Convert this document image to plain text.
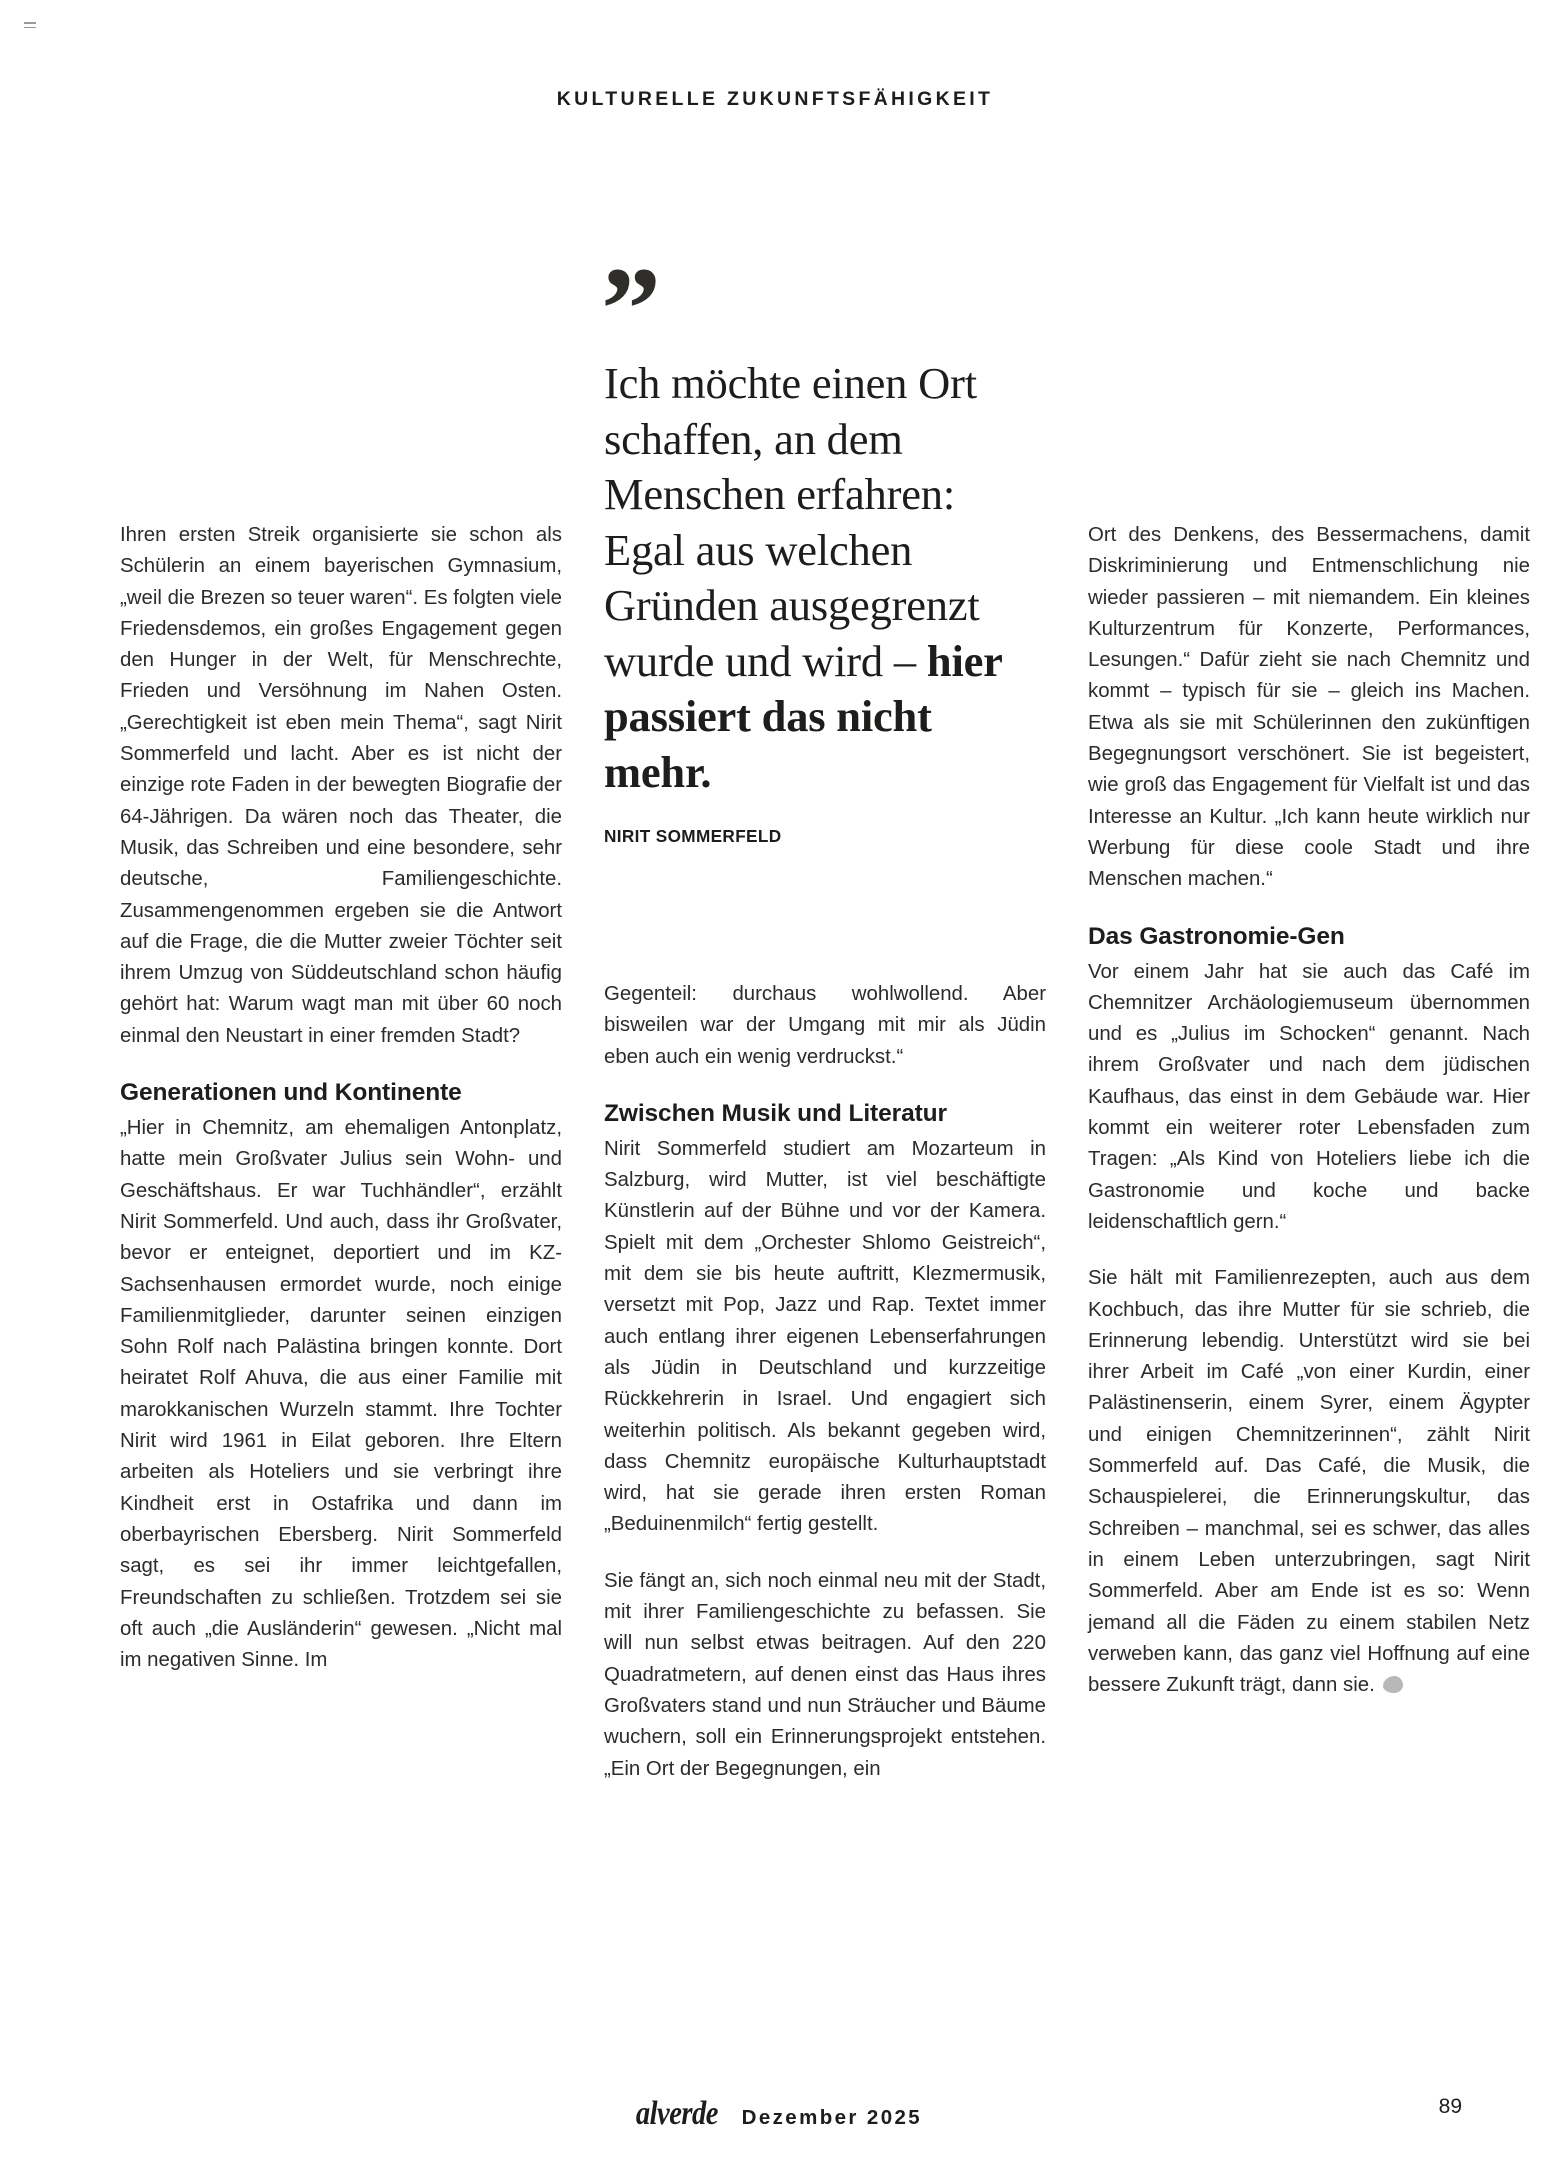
KULTURELLE ZUKUNFTSFÄHIGKEIT

Ihren ersten Streik organisierte sie schon als Schülerin an einem bayerischen Gymnasium, „weil die Brezen so teuer waren“. Es folgten viele Friedensdemos, ein großes Engagement gegen den Hunger in der Welt, für Menschrechte, Frieden und Versöhnung im Nahen Osten. „Gerechtigkeit ist eben mein Thema“, sagt Nirit Sommerfeld und lacht. Aber es ist nicht der einzige rote Faden in der bewegten Biografie der 64-Jährigen. Da wären noch das Theater, die Musik, das Schreiben und eine besondere, sehr deutsche, Familiengeschichte. Zusammengenommen ergeben sie die Antwort auf die Frage, die die Mutter zweier Töchter seit ihrem Umzug von Süddeutschland schon häufig gehört hat: Warum wagt man mit über 60 noch einmal den Neustart in einer fremden Stadt?

Generationen und Kontinente

„Hier in Chemnitz, am ehemaligen Antonplatz, hatte mein Großvater Julius sein Wohn- und Geschäftshaus. Er war Tuchhändler“, erzählt Nirit Sommerfeld. Und auch, dass ihr Großvater, bevor er enteignet, deportiert und im KZ-Sachsenhausen ermordet wurde, noch einige Familienmitglieder, darunter seinen einzigen Sohn Rolf nach Palästina bringen konnte. Dort heiratet Rolf Ahuva, die aus einer Familie mit marokkanischen Wurzeln stammt. Ihre Tochter Nirit wird 1961 in Eilat geboren. Ihre Eltern arbeiten als Hoteliers und sie verbringt ihre Kindheit erst in Ostafrika und dann im oberbayrischen Ebersberg. Nirit Sommerfeld sagt, es sei ihr immer leichtgefallen, Freundschaften zu schließen. Trotzdem sei sie oft auch „die Ausländerin“ gewesen. „Nicht mal im negativen Sinne. Im

”
Ich möchte einen Ort schaffen, an dem Menschen erfahren: Egal aus welchen Gründen ausgegrenzt wurde und wird – hier passiert das nicht mehr.
NIRIT SOMMERFELD

Gegenteil: durchaus wohlwollend. Aber bisweilen war der Umgang mit mir als Jüdin eben auch ein wenig verdruckst.“

Zwischen Musik und Literatur

Nirit Sommerfeld studiert am Mozarteum in Salzburg, wird Mutter, ist viel beschäftigte Künstlerin auf der Bühne und vor der Kamera. Spielt mit dem „Orchester Shlomo Geistreich“, mit dem sie bis heute auftritt, Klezmermusik, versetzt mit Pop, Jazz und Rap. Textet immer auch entlang ihrer eigenen Lebenserfahrungen als Jüdin in Deutschland und kurzzeitige Rückkehrerin in Israel. Und engagiert sich weiterhin politisch. Als bekannt gegeben wird, dass Chemnitz europäische Kulturhauptstadt wird, hat sie gerade ihren ersten Roman „Beduinenmilch“ fertig gestellt.

Sie fängt an, sich noch einmal neu mit der Stadt, mit ihrer Familiengeschichte zu befassen. Sie will nun selbst etwas beitragen. Auf den 220 Quadratmetern, auf denen einst das Haus ihres Großvaters stand und nun Sträucher und Bäume wuchern, soll ein Erinnerungsprojekt entstehen. „Ein Ort der Begegnungen, ein

Ort des Denkens, des Bessermachens, damit Diskriminierung und Entmenschlichung nie wieder passieren – mit niemandem. Ein kleines Kulturzentrum für Konzerte, Performances, Lesungen.“ Dafür zieht sie nach Chemnitz und kommt – typisch für sie – gleich ins Machen. Etwa als sie mit Schülerinnen den zukünftigen Begegnungsort verschönert. Sie ist begeistert, wie groß das Engagement für Vielfalt ist und das Interesse an Kultur. „Ich kann heute wirklich nur Werbung für diese coole Stadt und ihre Menschen machen.“

Das Gastronomie-Gen

Vor einem Jahr hat sie auch das Café im Chemnitzer Archäologiemuseum übernommen und es „Julius im Schocken“ genannt. Nach ihrem Großvater und nach dem jüdischen Kaufhaus, das einst in dem Gebäude war. Hier kommt ein weiterer roter Lebensfaden zum Tragen: „Als Kind von Hoteliers liebe ich die Gastronomie und koche und backe leidenschaftlich gern.“

Sie hält mit Familienrezepten, auch aus dem Kochbuch, das ihre Mutter für sie schrieb, die Erinnerung lebendig. Unterstützt wird sie bei ihrer Arbeit im Café „von einer Kurdin, einer Palästinenserin, einem Syrer, einem Ägypter und einigen Chemnitzerinnen“, zählt Nirit Sommerfeld auf. Das Café, die Musik, die Schauspielerei, die Erinnerungskultur, das Schreiben – manchmal, sei es schwer, das alles in einem Leben unterzubringen, sagt Nirit Sommerfeld. Aber am Ende ist es so: Wenn jemand all die Fäden zu einem stabilen Netz verweben kann, das ganz viel Hoffnung auf eine bessere Zukunft trägt, dann sie.

alverde Dezember 2025	89
